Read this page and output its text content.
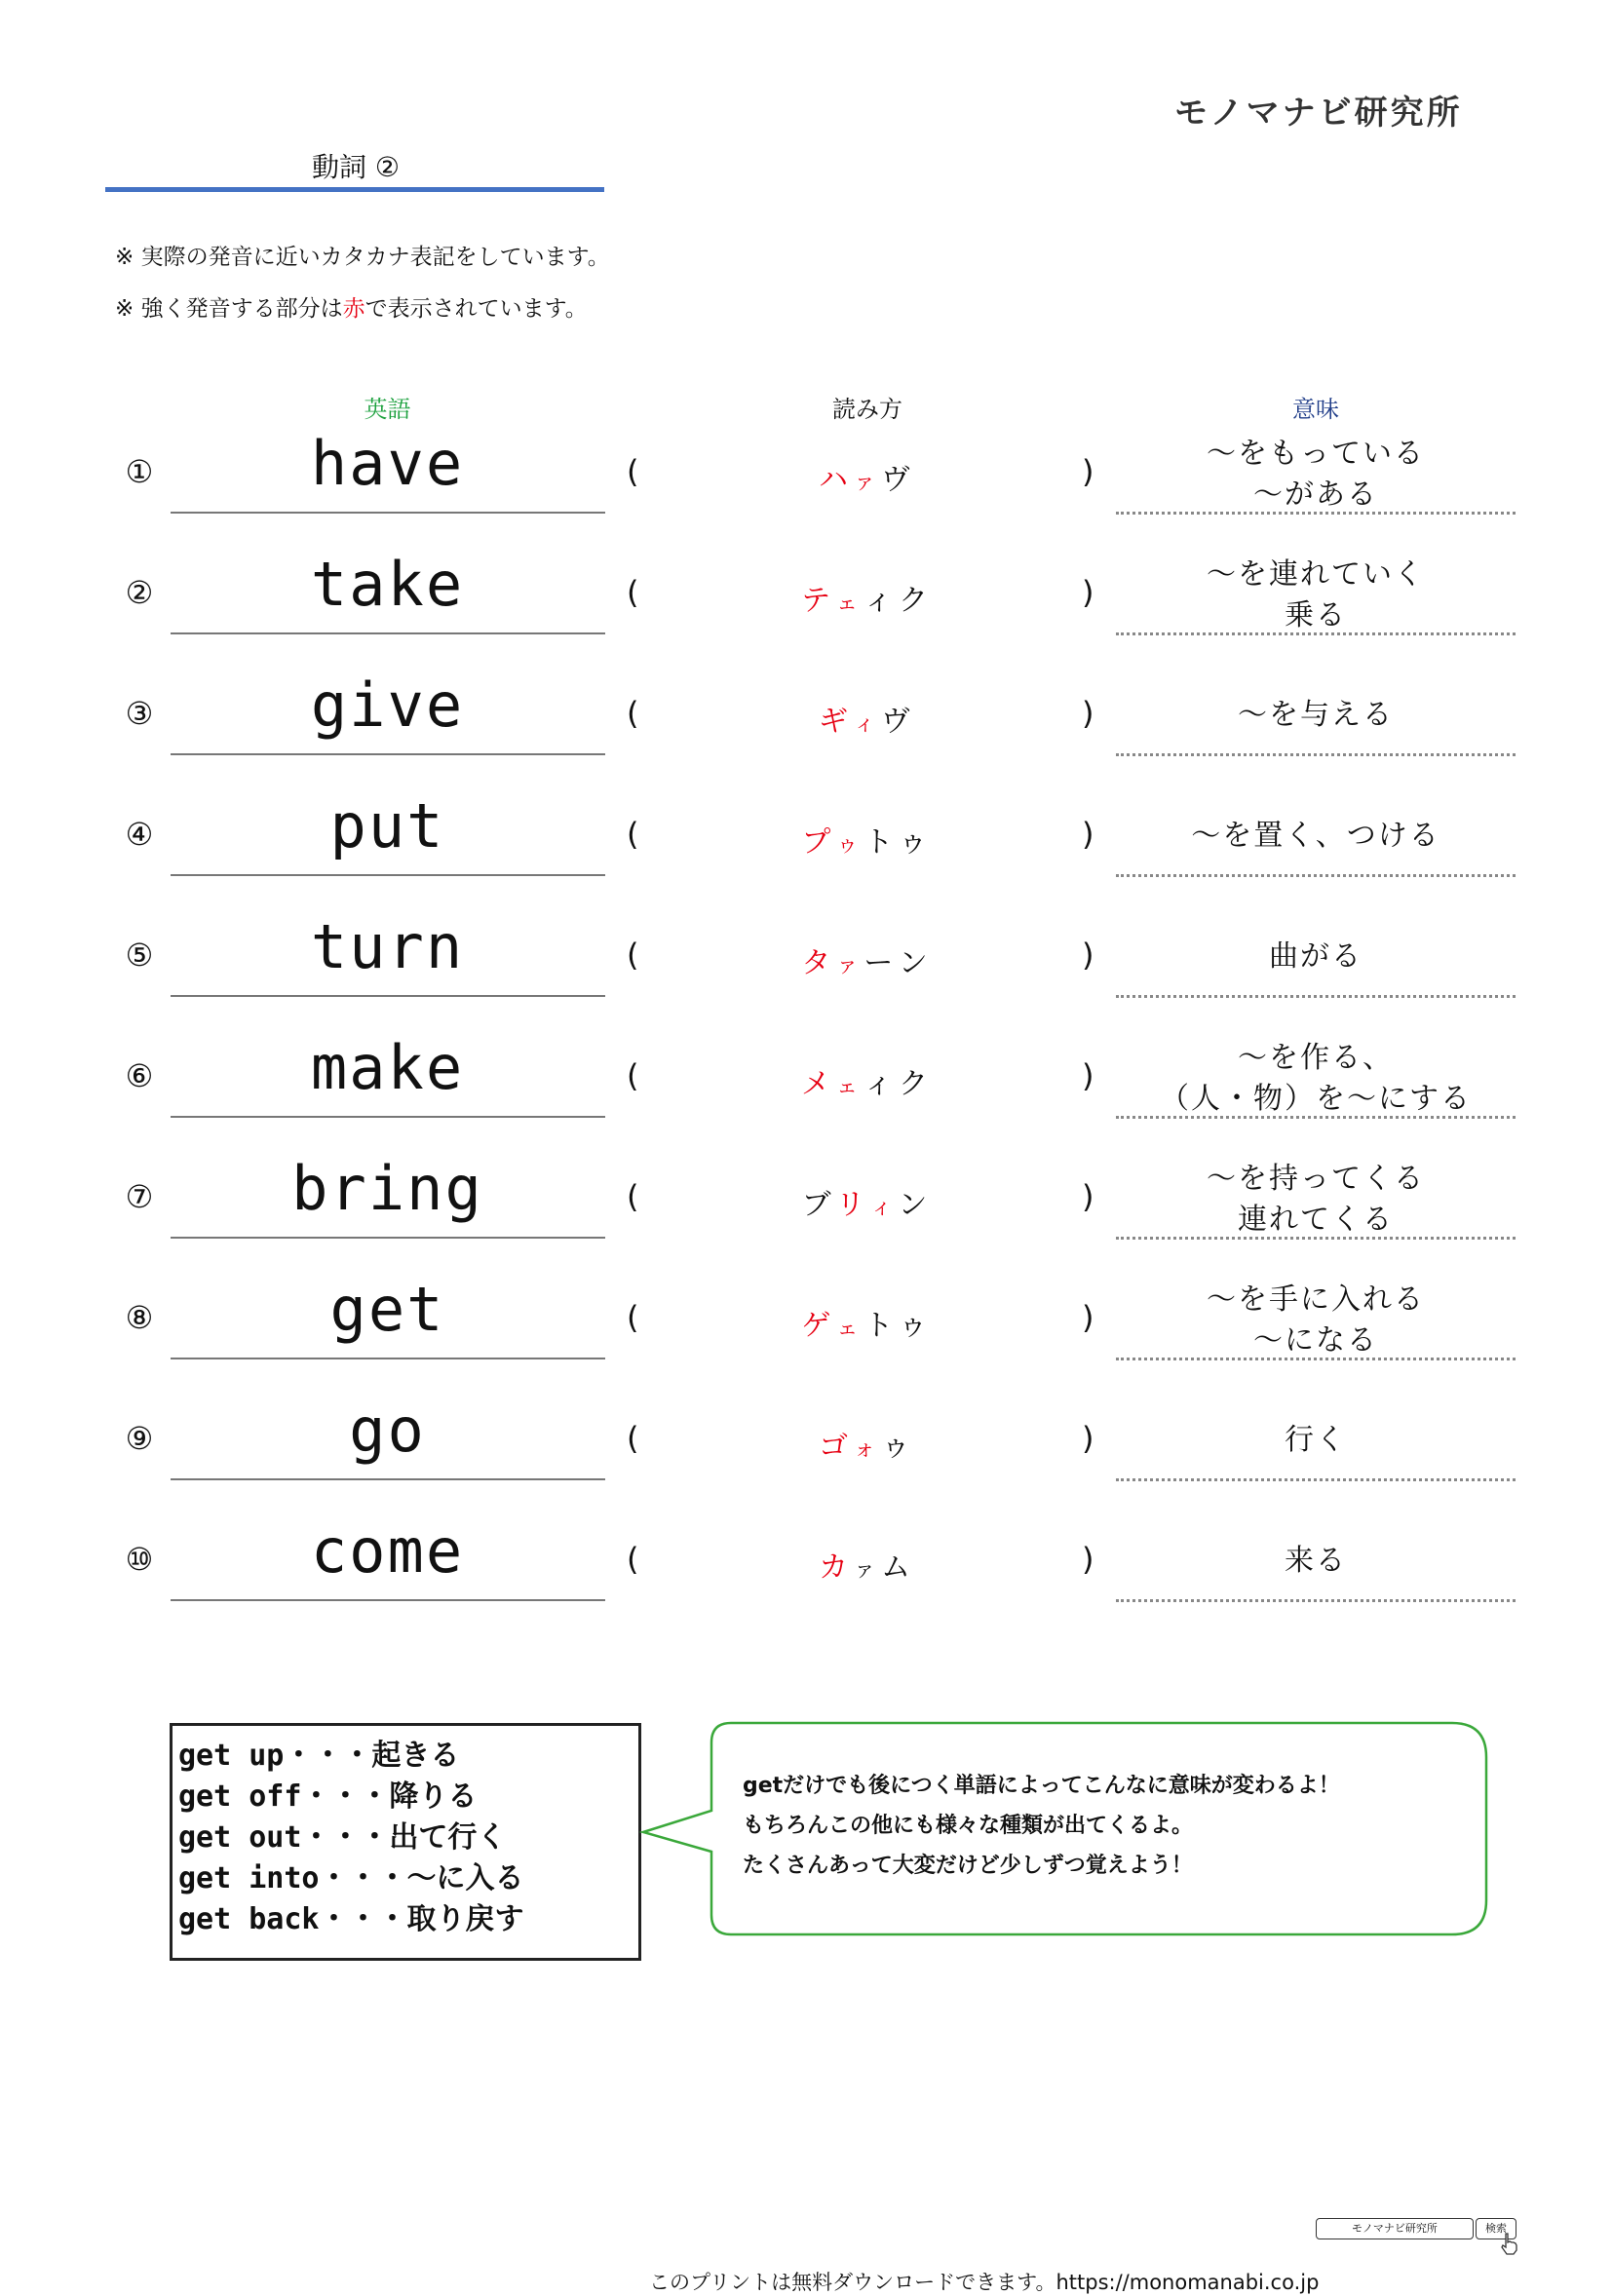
モノマナビ研究所
動詞 ②
※ 実際の発音に近いカタカナ表記をしています。
※ 強く発音する部分は赤で表示されています。
英語	読み方	意味
①	have	(	ハァヴ	)	～をもっている
～がある
②	take	(	テェィク	)	～を連れていく
乗る
③	give	(	ギィヴ	)	～を与える
④	put	(	プゥトゥ	)	～を置く、つける
⑤	turn	(	タァーン	)	曲がる
⑥	make	(	メェィク	)	～を作る、
（人・物）を～にする
⑦	bring	(	ブリィン	)	～を持ってくる
連れてくる
⑧	get	(	ゲェトゥ	)	～を手に入れる
～になる
⑨	go	(	ゴォゥ	)	行く
⑩	come	(	カァム	)	来る
get up・・・起きる
get off・・・降りる
get out・・・出て行く
get into・・・～に入る
get back・・・取り戻す
getだけでも後につく単語によってこんなに意味が変わるよ！
もちろんこの他にも様々な種類が出てくるよ。
たくさんあって大変だけど少しずつ覚えよう！
このプリントは無料ダウンロードできます。https://monomanabi.co.jp
モノマナビ研究所	検索
